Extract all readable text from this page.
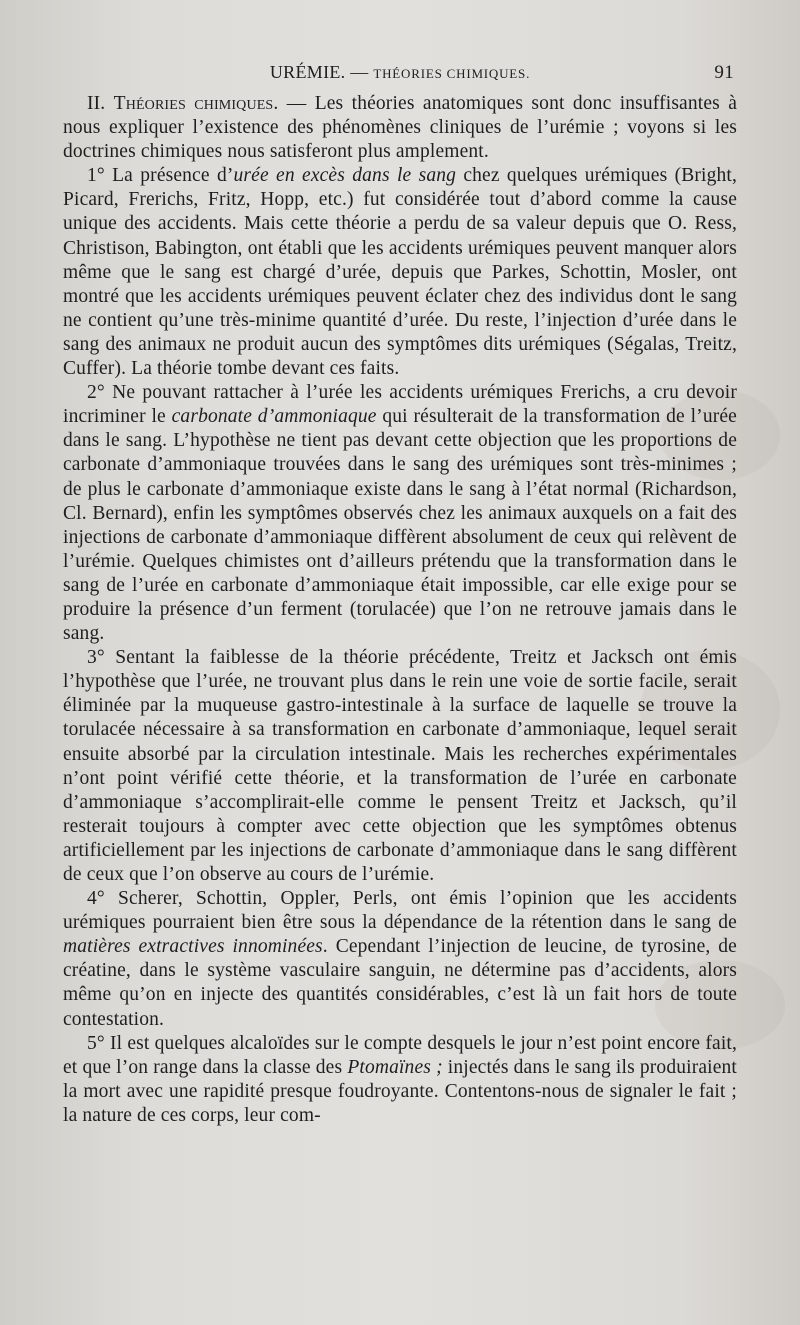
URÉMIE. — THÉORIES CHIMIQUES.	91

II. Théories chimiques. — Les théories anatomiques sont donc insuffisantes à nous expliquer l’existence des phénomènes cliniques de l’urémie ; voyons si les doctrines chimiques nous satisferont plus amplement.

1° La présence d’urée en excès dans le sang chez quelques urémiques (Bright, Picard, Frerichs, Fritz, Hopp, etc.) fut considérée tout d’abord comme la cause unique des accidents. Mais cette théorie a perdu de sa valeur depuis que O. Ress, Christison, Babington, ont établi que les accidents urémiques peuvent manquer alors même que le sang est chargé d’urée, depuis que Parkes, Schottin, Mosler, ont montré que les accidents urémiques peuvent éclater chez des individus dont le sang ne contient qu’une très-minime quantité d’urée. Du reste, l’injection d’urée dans le sang des animaux ne produit aucun des symptômes dits urémiques (Ségalas, Treitz, Cuffer). La théorie tombe devant ces faits.

2° Ne pouvant rattacher à l’urée les accidents urémiques Frerichs, a cru devoir incriminer le carbonate d’ammoniaque qui résulterait de la transformation de l’urée dans le sang. L’hypothèse ne tient pas devant cette objection que les proportions de carbonate d’ammoniaque trouvées dans le sang des urémiques sont très-minimes ; de plus le carbonate d’ammoniaque existe dans le sang à l’état normal (Richardson, Cl. Bernard), enfin les symptômes observés chez les animaux auxquels on a fait des injections de carbonate d’ammoniaque diffèrent absolument de ceux qui relèvent de l’urémie. Quelques chimistes ont d’ailleurs prétendu que la transformation dans le sang de l’urée en carbonate d’ammoniaque était impossible, car elle exige pour se produire la présence d’un ferment (torulacée) que l’on ne retrouve jamais dans le sang.

3° Sentant la faiblesse de la théorie précédente, Treitz et Jacksch ont émis l’hypothèse que l’urée, ne trouvant plus dans le rein une voie de sortie facile, serait éliminée par la muqueuse gastro-intestinale à la surface de laquelle se trouve la torulacée nécessaire à sa transformation en carbonate d’ammoniaque, lequel serait ensuite absorbé par la circulation intestinale. Mais les recherches expérimentales n’ont point vérifié cette théorie, et la transformation de l’urée en carbonate d’ammoniaque s’accomplirait-elle comme le pensent Treitz et Jacksch, qu’il resterait toujours à compter avec cette objection que les symptômes obtenus artificiellement par les injections de carbonate d’ammoniaque dans le sang diffèrent de ceux que l’on observe au cours de l’urémie.

4° Scherer, Schottin, Oppler, Perls, ont émis l’opinion que les accidents urémiques pourraient bien être sous la dépendance de la rétention dans le sang de matières extractives innominées. Cependant l’injection de leucine, de tyrosine, de créatine, dans le système vasculaire sanguin, ne détermine pas d’accidents, alors même qu’on en injecte des quantités considérables, c’est là un fait hors de toute contestation.

5° Il est quelques alcaloïdes sur le compte desquels le jour n’est point encore fait, et que l’on range dans la classe des Ptomaïnes ; injectés dans le sang ils produiraient la mort avec une rapidité presque foudroyante. Contentons-nous de signaler le fait ; la nature de ces corps, leur com-
